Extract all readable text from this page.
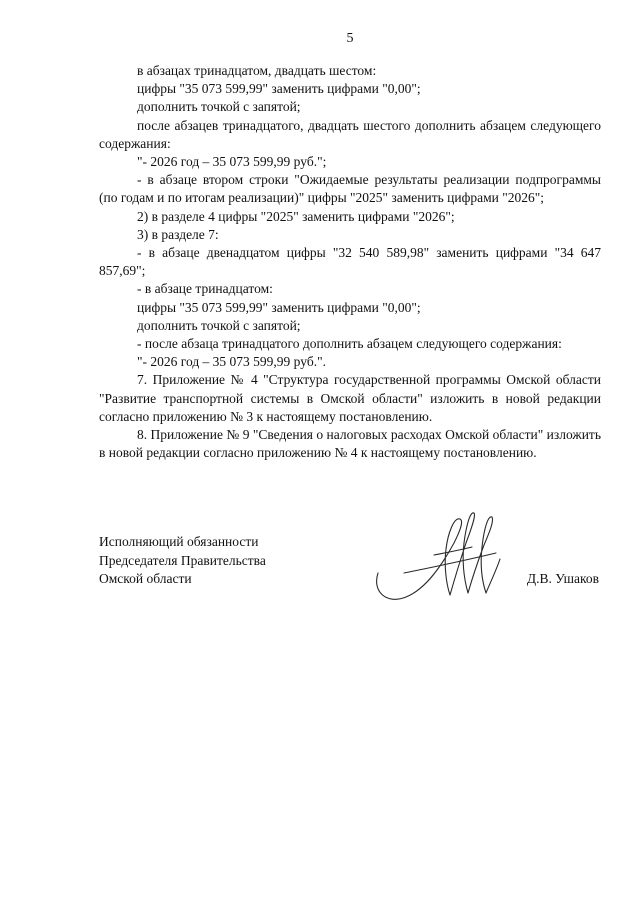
5

в абзацах тринадцатом, двадцать шестом:

цифры "35 073 599,99" заменить цифрами "0,00";

дополнить точкой с запятой;

после абзацев тринадцатого, двадцать шестого дополнить абзацем следующего содержания:

"- 2026 год – 35 073 599,99 руб.";

- в абзаце втором строки "Ожидаемые результаты реализации подпрограммы (по годам и по итогам реализации)" цифры "2025" заменить цифрами "2026";

2) в разделе 4 цифры "2025" заменить цифрами "2026";

3) в разделе 7:

- в абзаце двенадцатом цифры "32 540 589,98" заменить цифрами "34 647 857,69";

- в абзаце тринадцатом:

цифры "35 073 599,99" заменить цифрами "0,00";

дополнить точкой с запятой;

- после абзаца тринадцатого дополнить абзацем следующего содержания:

"- 2026 год – 35 073 599,99 руб.".

7. Приложение № 4 "Структура государственной программы Омской области "Развитие транспортной системы в Омской области" изложить в новой редакции согласно приложению № 3 к настоящему постановлению.

8. Приложение № 9 "Сведения о налоговых расходах Омской области" изложить в новой редакции согласно приложению № 4 к настоящему постановлению.

Исполняющий обязанности

Председателя Правительства

Омской области	Д.В. Ушаков
